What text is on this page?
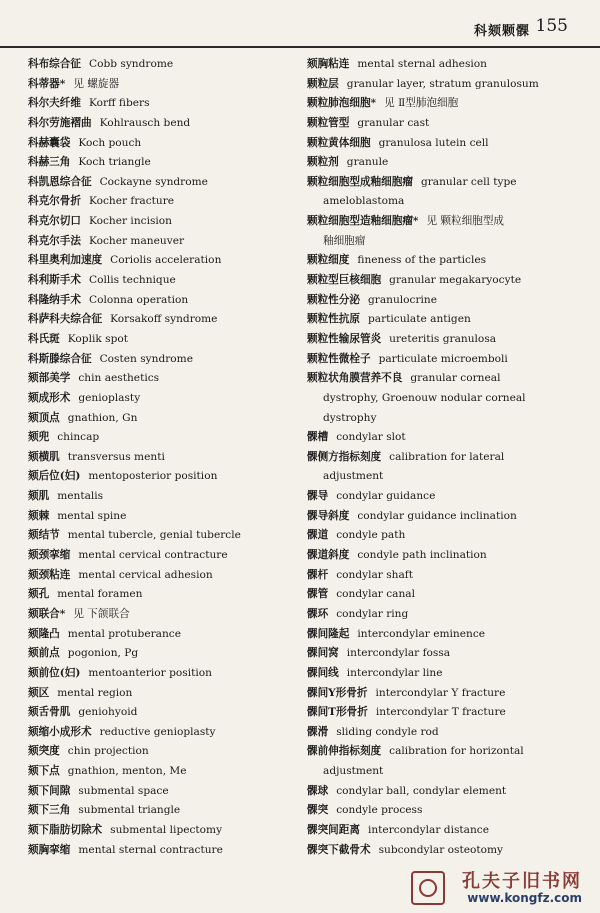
科颏颗髁 155
科布综合征 Cobb syndrome
科蒂器* 见 螺旋器
科尔夫纤维 Korff fibers
科尔劳施褶曲 Kohlrausch bend
科赫囊袋 Koch pouch
科赫三角 Koch triangle
科凯恩综合征 Cockayne syndrome
科克尔骨折 Kocher fracture
科克尔切口 Kocher incision
科克尔手法 Kocher maneuver
科里奥利加速度 Coriolis acceleration
科利斯手术 Collis technique
科隆纳手术 Colonna operation
科萨科夫综合征 Korsakoff syndrome
科氏斑 Koplik spot
科斯滕综合征 Costen syndrome
颏部美学 chin aesthetics
颏成形术 genioplasty
颏顶点 gnathion, Gn
颏兜 chincap
颏横肌 transversus menti
颏后位(妇) mentoposterior position
颏肌 mentalis
颏棘 mental spine
颏结节 mental tubercle, genial tubercle
颏颈挛缩 mental cervical contracture
颏颈粘连 mental cervical adhesion
颏孔 mental foramen
颏联合* 见 下颌联合
颏隆凸 mental protuberance
颏前点 pogonion, Pg
颏前位(妇) mentoanterior position
颏区 mental region
颏舌骨肌 geniohyoid
颏缩小成形术 reductive genioplasty
颏突度 chin projection
颏下点 gnathion, menton, Me
颏下间隙 submental space
颏下三角 submental triangle
颏下脂肪切除术 submental lipectomy
颏胸挛缩 mental sternal contracture
颏胸粘连 mental sternal adhesion
颗粒层 granular layer, stratum granulosum
颗粒肺泡细胞* 见 Ⅱ型肺泡细胞
颗粒管型 granular cast
颗粒黄体细胞 granulosa lutein cell
颗粒剂 granule
颗粒细胞型成釉细胞瘤 granular cell type
ameloblastoma
颗粒细胞型造釉细胞瘤* 见 颗粒细胞型成
釉细胞瘤
颗粒细度 fineness of the particles
颗粒型巨核细胞 granular megakaryocyte
颗粒性分泌 granulocrine
颗粒性抗原 particulate antigen
颗粒性输尿管炎 ureteritis granulosa
颗粒性微栓子 particulate microemboli
颗粒状角膜营养不良 granular corneal
dystrophy, Groenouw nodular corneal
dystrophy
髁槽 condylar slot
髁侧方指标刻度 calibration for lateral
adjustment
髁导 condylar guidance
髁导斜度 condylar guidance inclination
髁道 condyle path
髁道斜度 condyle path inclination
髁杆 condylar shaft
髁管 condylar canal
髁环 condylar ring
髁间隆起 intercondylar eminence
髁间窝 intercondylar fossa
髁间线 intercondylar line
髁间Y形骨折 intercondylar Y fracture
髁间T形骨折 intercondylar T fracture
髁滑 sliding condyle rod
髁前伸指标刻度 calibration for horizontal
adjustment
髁球 condylar ball, condylar element
髁突 condyle process
髁突间距离 intercondylar distance
髁突下截骨术 subcondylar osteotomy
孔夫子旧书网
www.kongfz.com
